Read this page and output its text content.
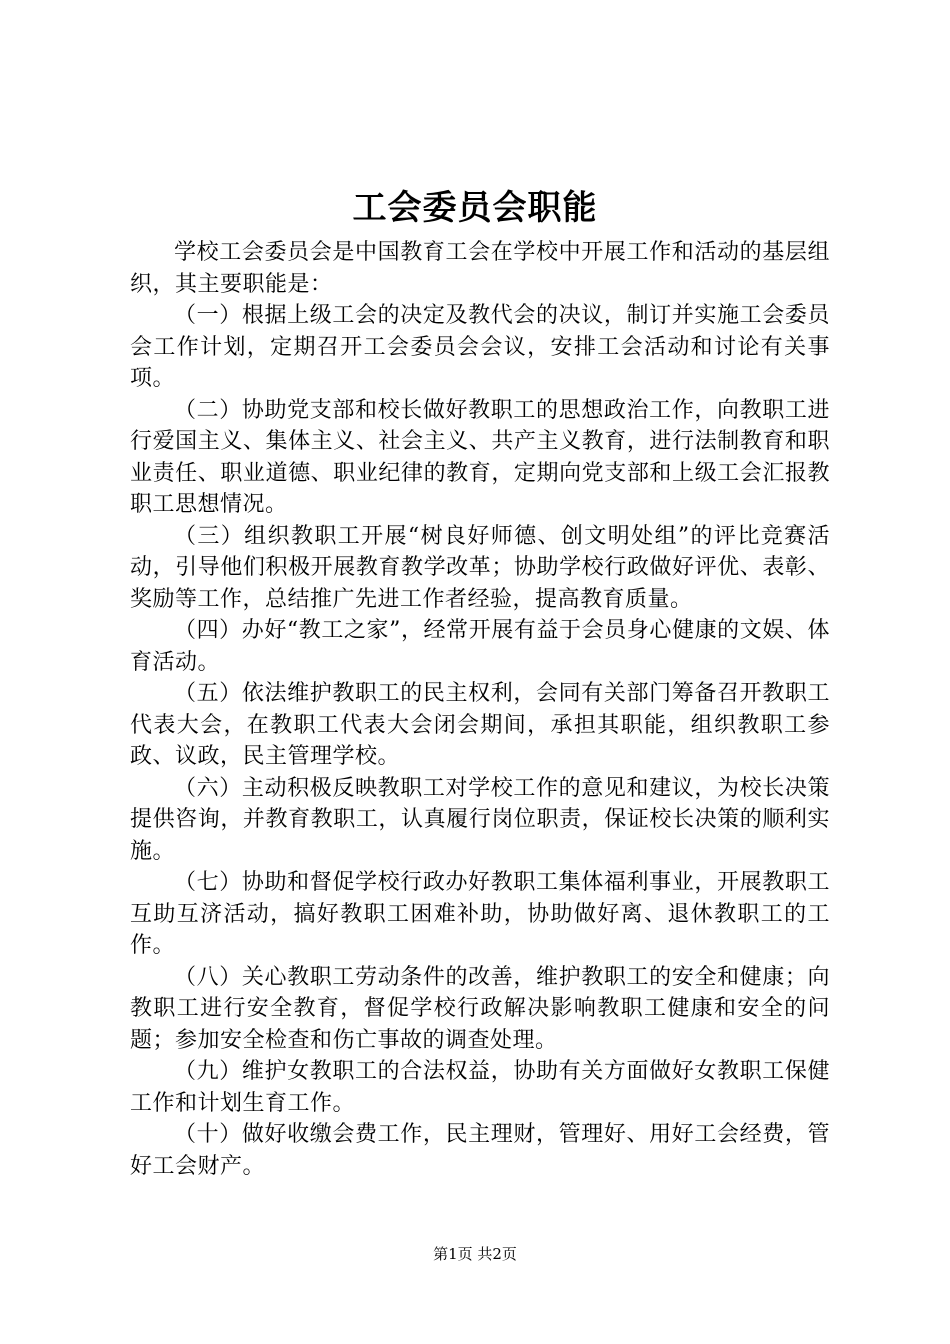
工会委员会职能

学校工会委员会是中国教育工会在学校中开展工作和活动的基层组织，其主要职能是：

（一）根据上级工会的决定及教代会的决议，制订并实施工会委员会工作计划，定期召开工会委员会会议，安排工会活动和讨论有关事项。

（二）协助党支部和校长做好教职工的思想政治工作，向教职工进行爱国主义、集体主义、社会主义、共产主义教育，进行法制教育和职业责任、职业道德、职业纪律的教育，定期向党支部和上级工会汇报教职工思想情况。

（三）组织教职工开展“树良好师德、创文明处组”的评比竞赛活动，引导他们积极开展教育教学改革；协助学校行政做好评优、表彰、奖励等工作，总结推广先进工作者经验，提高教育质量。

（四）办好“教工之家”，经常开展有益于会员身心健康的文娱、体育活动。

（五）依法维护教职工的民主权利，会同有关部门筹备召开教职工代表大会，在教职工代表大会闭会期间，承担其职能，组织教职工参政、议政，民主管理学校。

（六）主动积极反映教职工对学校工作的意见和建议，为校长决策提供咨询，并教育教职工，认真履行岗位职责，保证校长决策的顺利实施。

（七）协助和督促学校行政办好教职工集体福利事业，开展教职工互助互济活动，搞好教职工困难补助，协助做好离、退休教职工的工作。

（八）关心教职工劳动条件的改善，维护教职工的安全和健康；向教职工进行安全教育，督促学校行政解决影响教职工健康和安全的问题；参加安全检查和伤亡事故的调查处理。

（九）维护女教职工的合法权益，协助有关方面做好女教职工保健工作和计划生育工作。

（十）做好收缴会费工作，民主理财，管理好、用好工会经费，管好工会财产。

第1页 共2页
